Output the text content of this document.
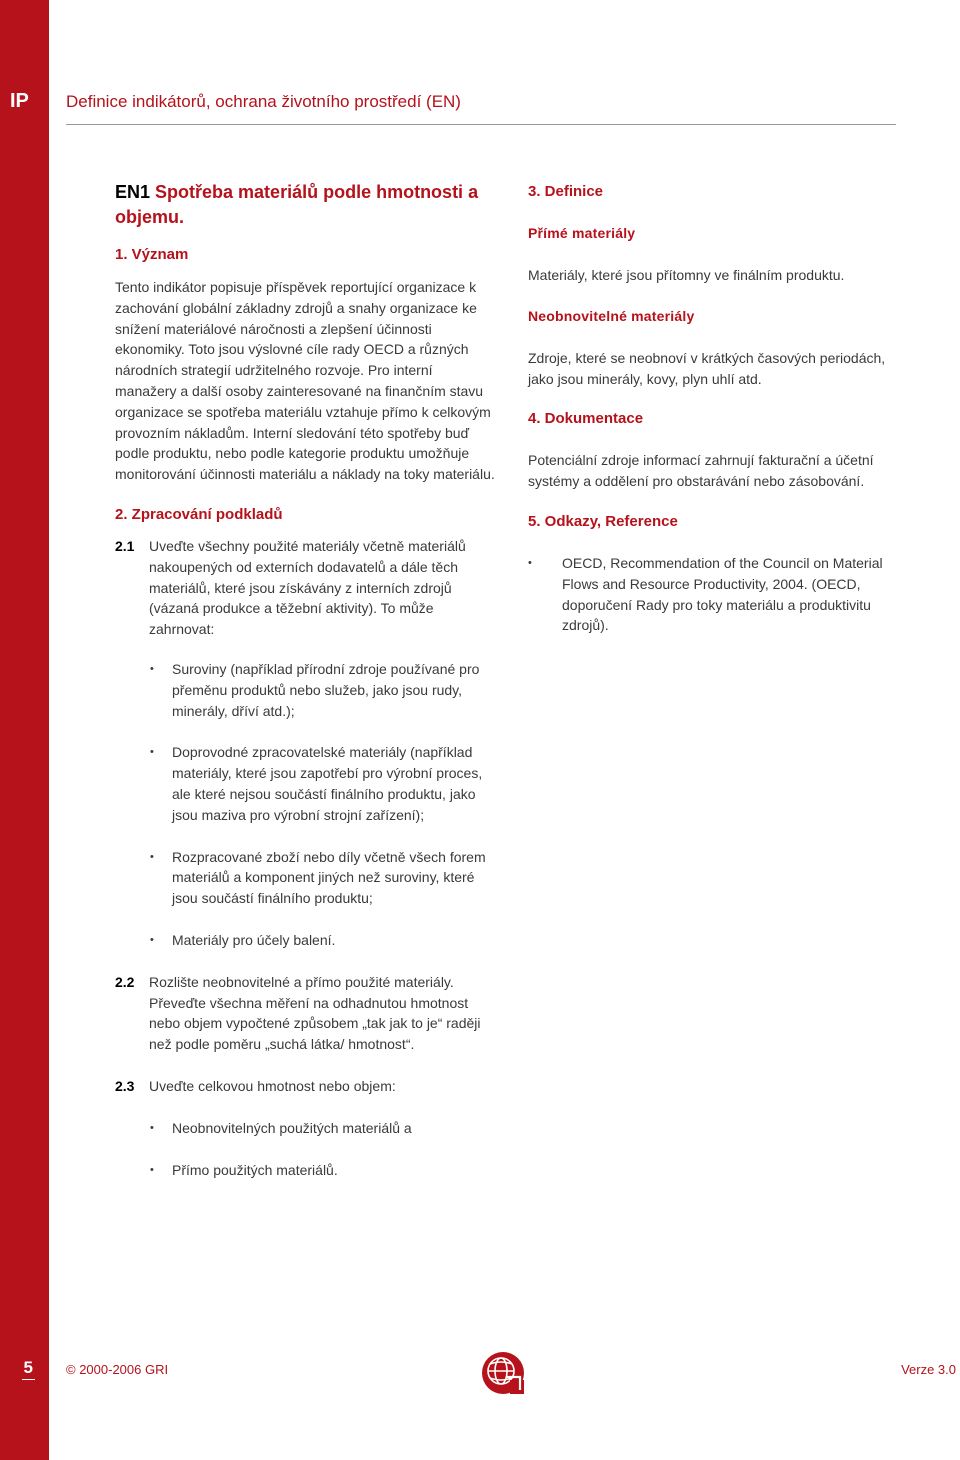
IP Definice indikátorů, ochrana životního prostředí (EN)
EN1 Spotřeba materiálů podle hmotnosti a objemu.
1. Význam

Tento indikátor popisuje příspěvek reportující organizace k zachování globální základny zdrojů a snahy organizace ke snížení materiálové náročnosti a zlepšení účinnosti ekonomiky. Toto jsou výslovné cíle rady OECD a různých národních strategií udržitelného rozvoje. Pro interní manažery a další osoby zainteresované na finančním stavu organizace se spotřeba materiálu vztahuje přímo k celkovým provozním nákladům. Interní sledování této spotřeby buď podle produktu, nebo podle kategorie produktu umožňuje monitorování účinnosti materiálu a náklady na toky materiálu.

2. Zpracování podkladů
2.1 Uveďte všechny použité materiály včetně materiálů nakoupených od externích dodavatelů a dále těch materiálů, které jsou získávány z interních zdrojů (vázaná produkce a těžební aktivity). To může zahrnovat:
• Suroviny (například přírodní zdroje používané pro přeměnu produktů nebo služeb, jako jsou rudy, minerály, dříví atd.);
• Doprovodné zpracovatelské materiály (například materiály, které jsou zapotřebí pro výrobní proces, ale které nejsou součástí finálního produktu, jako jsou maziva pro výrobní strojní zařízení);
• Rozpracované zboží nebo díly včetně všech forem materiálů a komponent jiných než suroviny, které jsou součástí finálního produktu;
• Materiály pro účely balení.
2.2 Rozlište neobnovitelné a přímo použité materiály. Převeďte všechna měření na odhadnutou hmotnost nebo objem vypočtené způsobem „tak jak to je“ raději než podle poměru „suchá látka/ hmotnost“.
2.3 Uveďte celkovou hmotnost nebo objem:
• Neobnovitelných použitých materiálů a
• Přímo použitých materiálů.
3. Definice
Přímé materiály

Materiály, které jsou přítomny ve finálním produktu.

Neobnovitelné materiály

Zdroje, které se neobnoví v krátkých časových periodách, jako jsou minerály, kovy, plyn uhlí atd.

4. Dokumentace

Potenciální zdroje informací zahrnují fakturační a účetní systémy a oddělení pro obstarávání nebo zásobování.

5. Odkazy, Reference
• OECD, Recommendation of the Council on Material Flows and Resource Productivity, 2004. (OECD, doporučení Rady pro toky materiálu a produktivitu zdrojů).
5	© 2000-2006 GRI	Verze 3.0
